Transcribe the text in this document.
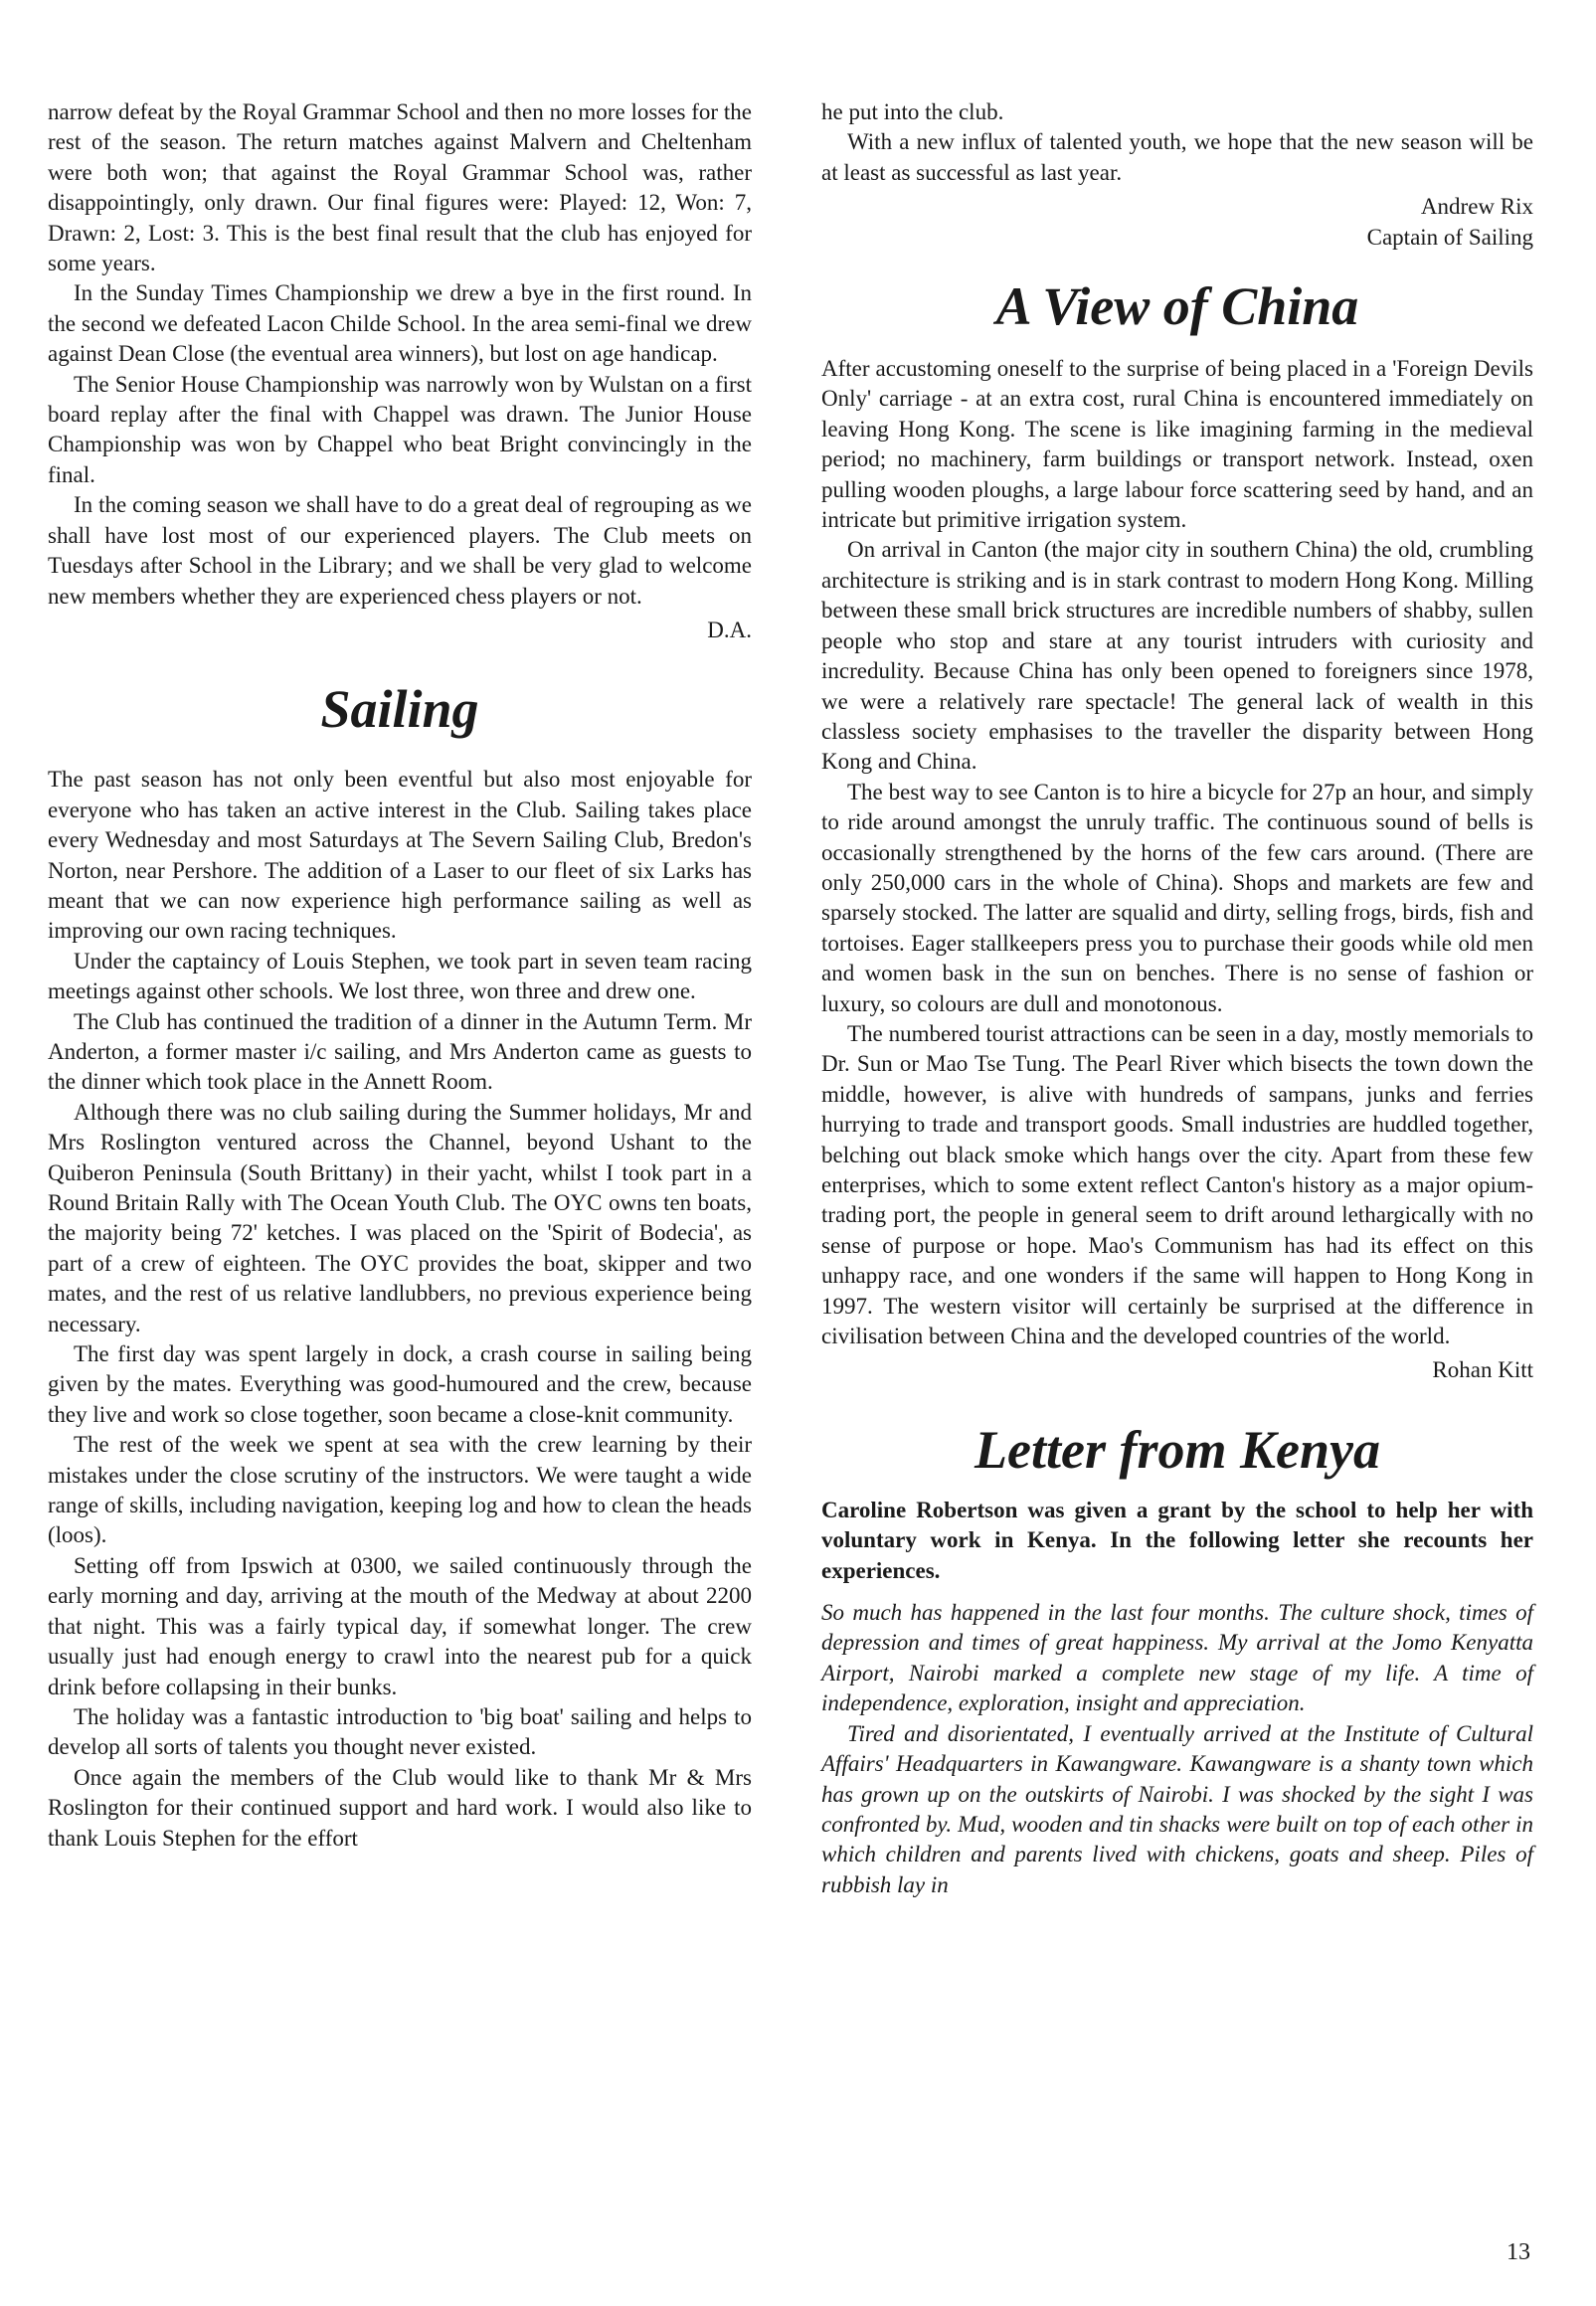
narrow defeat by the Royal Grammar School and then no more losses for the rest of the season. The return matches against Malvern and Cheltenham were both won; that against the Royal Grammar School was, rather disappointingly, only drawn. Our final figures were: Played: 12, Won: 7, Drawn: 2, Lost: 3. This is the best final result that the club has enjoyed for some years.

In the Sunday Times Championship we drew a bye in the first round. In the second we defeated Lacon Childe School. In the area semi-final we drew against Dean Close (the eventual area winners), but lost on age handicap.

The Senior House Championship was narrowly won by Wulstan on a first board replay after the final with Chappel was drawn. The Junior House Championship was won by Chappel who beat Bright convincingly in the final.

In the coming season we shall have to do a great deal of regrouping as we shall have lost most of our experienced players. The Club meets on Tuesdays after School in the Library; and we shall be very glad to welcome new members whether they are experienced chess players or not.

D.A.
Sailing

The past season has not only been eventful but also most enjoyable for everyone who has taken an active interest in the Club. Sailing takes place every Wednesday and most Saturdays at The Severn Sailing Club, Bredon's Norton, near Pershore. The addition of a Laser to our fleet of six Larks has meant that we can now experience high performance sailing as well as improving our own racing techniques.

Under the captaincy of Louis Stephen, we took part in seven team racing meetings against other schools. We lost three, won three and drew one.

The Club has continued the tradition of a dinner in the Autumn Term. Mr Anderton, a former master i/c sailing, and Mrs Anderton came as guests to the dinner which took place in the Annett Room.

Although there was no club sailing during the Summer holidays, Mr and Mrs Roslington ventured across the Channel, beyond Ushant to the Quiberon Peninsula (South Brittany) in their yacht, whilst I took part in a Round Britain Rally with The Ocean Youth Club. The OYC owns ten boats, the majority being 72' ketches. I was placed on the 'Spirit of Bodecia', as part of a crew of eighteen. The OYC provides the boat, skipper and two mates, and the rest of us relative landlubbers, no previous experience being necessary.

The first day was spent largely in dock, a crash course in sailing being given by the mates. Everything was good-humoured and the crew, because they live and work so close together, soon became a close-knit community.

The rest of the week we spent at sea with the crew learning by their mistakes under the close scrutiny of the instructors. We were taught a wide range of skills, including navigation, keeping log and how to clean the heads (loos).

Setting off from Ipswich at 0300, we sailed continuously through the early morning and day, arriving at the mouth of the Medway at about 2200 that night. This was a fairly typical day, if somewhat longer. The crew usually just had enough energy to crawl into the nearest pub for a quick drink before collapsing in their bunks.

The holiday was a fantastic introduction to 'big boat' sailing and helps to develop all sorts of talents you thought never existed.

Once again the members of the Club would like to thank Mr & Mrs Roslington for their continued support and hard work. I would also like to thank Louis Stephen for the effort

he put into the club.

With a new influx of talented youth, we hope that the new season will be at least as successful as last year.

Andrew Rix
Captain of Sailing
A View of China

After accustoming oneself to the surprise of being placed in a 'Foreign Devils Only' carriage - at an extra cost, rural China is encountered immediately on leaving Hong Kong. The scene is like imagining farming in the medieval period; no machinery, farm buildings or transport network. Instead, oxen pulling wooden ploughs, a large labour force scattering seed by hand, and an intricate but primitive irrigation system.

On arrival in Canton (the major city in southern China) the old, crumbling architecture is striking and is in stark contrast to modern Hong Kong. Milling between these small brick structures are incredible numbers of shabby, sullen people who stop and stare at any tourist intruders with curiosity and incredulity. Because China has only been opened to foreigners since 1978, we were a relatively rare spectacle! The general lack of wealth in this classless society emphasises to the traveller the disparity between Hong Kong and China.

The best way to see Canton is to hire a bicycle for 27p an hour, and simply to ride around amongst the unruly traffic. The continuous sound of bells is occasionally strengthened by the horns of the few cars around. (There are only 250,000 cars in the whole of China). Shops and markets are few and sparsely stocked. The latter are squalid and dirty, selling frogs, birds, fish and tortoises. Eager stallkeepers press you to purchase their goods while old men and women bask in the sun on benches. There is no sense of fashion or luxury, so colours are dull and monotonous.

The numbered tourist attractions can be seen in a day, mostly memorials to Dr. Sun or Mao Tse Tung. The Pearl River which bisects the town down the middle, however, is alive with hundreds of sampans, junks and ferries hurrying to trade and transport goods. Small industries are huddled together, belching out black smoke which hangs over the city. Apart from these few enterprises, which to some extent reflect Canton's history as a major opium-trading port, the people in general seem to drift around lethargically with no sense of purpose or hope. Mao's Communism has had its effect on this unhappy race, and one wonders if the same will happen to Hong Kong in 1997. The western visitor will certainly be surprised at the difference in civilisation between China and the developed countries of the world.

Rohan Kitt
Letter from Kenya

Caroline Robertson was given a grant by the school to help her with voluntary work in Kenya. In the following letter she recounts her experiences.

So much has happened in the last four months. The culture shock, times of depression and times of great happiness. My arrival at the Jomo Kenyatta Airport, Nairobi marked a complete new stage of my life. A time of independence, exploration, insight and appreciation.

Tired and disorientated, I eventually arrived at the Institute of Cultural Affairs' Headquarters in Kawangware. Kawangware is a shanty town which has grown up on the outskirts of Nairobi. I was shocked by the sight I was confronted by. Mud, wooden and tin shacks were built on top of each other in which children and parents lived with chickens, goats and sheep. Piles of rubbish lay in

13
